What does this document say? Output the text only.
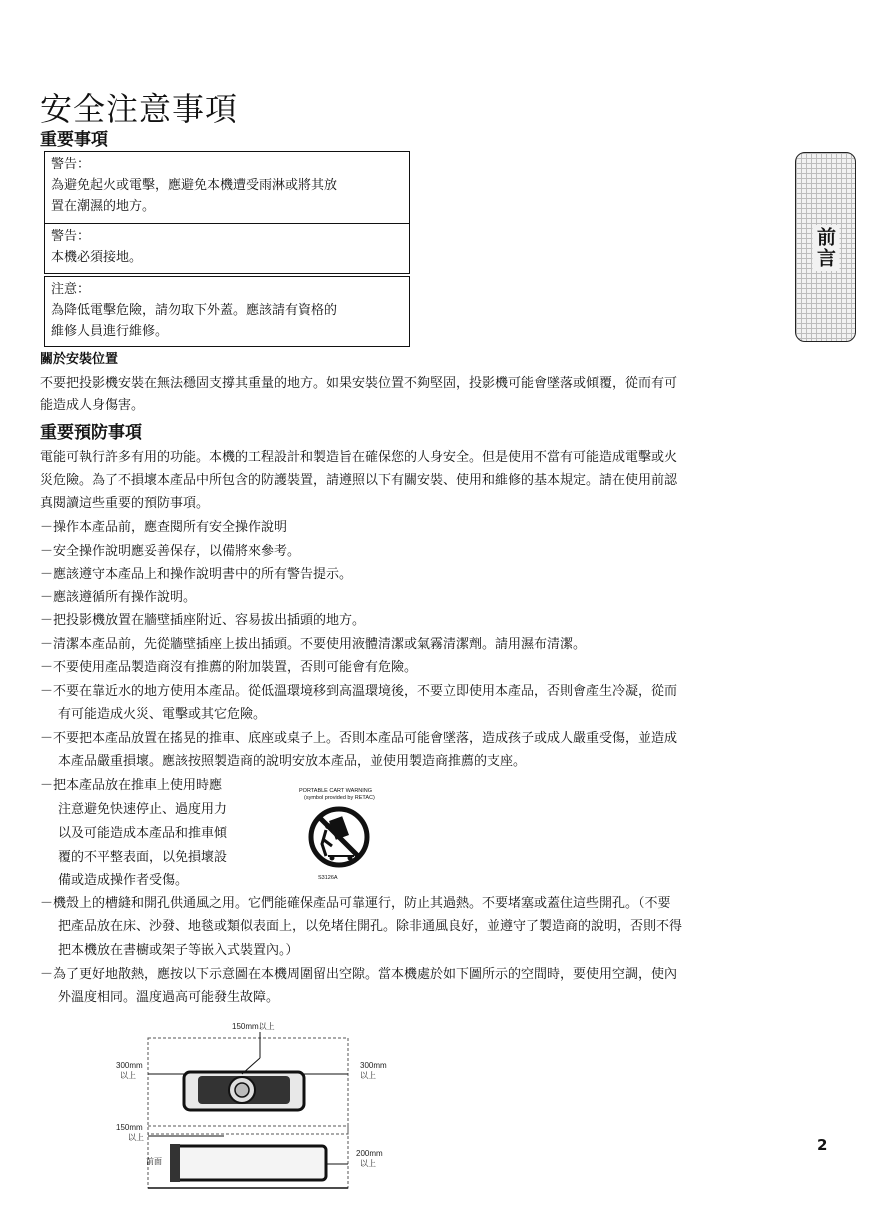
安全注意事項
重要事項
警告：
為避免起火或電擊，應避免本機遭受雨淋或將其放
置在潮濕的地方。
警告：
本機必須接地。
注意：
為降低電擊危險，請勿取下外蓋。應該請有資格的
維修人員進行維修。
前言
關於安裝位置
不要把投影機安裝在無法穩固支撐其重量的地方。如果安裝位置不夠堅固，投影機可能會墜落或傾覆，從而有可
能造成人身傷害。
重要預防事項
電能可執行許多有用的功能。本機的工程設計和製造旨在確保您的人身安全。但是使用不當有可能造成電擊或火
災危險。為了不損壞本產品中所包含的防護裝置，請遵照以下有關安裝、使用和維修的基本規定。請在使用前認
真閱讀這些重要的預防事項。
－操作本產品前，應查閱所有安全操作說明
－安全操作說明應妥善保存，以備將來參考。
－應該遵守本產品上和操作說明書中的所有警告提示。
－應該遵循所有操作說明。
－把投影機放置在牆壁插座附近、容易拔出插頭的地方。
－清潔本產品前，先從牆壁插座上拔出插頭。不要使用液體清潔或氣霧清潔劑。請用濕布清潔。
－不要使用產品製造商沒有推薦的附加裝置，否則可能會有危險。
－不要在靠近水的地方使用本產品。從低溫環境移到高溫環境後，不要立即使用本產品，否則會產生冷凝，從而
有可能造成火災、電擊或其它危險。
－不要把本產品放置在搖晃的推車、底座或桌子上。否則本產品可能會墜落，造成孩子或成人嚴重受傷，並造成
本產品嚴重損壞。應該按照製造商的說明安放本產品，並使用製造商推薦的支座。
－把本產品放在推車上使用時應
注意避免快速停止、過度用力
以及可能造成本產品和推車傾
覆的不平整表面，以免損壞設
備或造成操作者受傷。
PORTABLE CART WARNING
(symbol provided by RETAC)
S3126A
－機殼上的槽縫和開孔供通風之用。它們能確保產品可靠運行，防止其過熱。不要堵塞或蓋住這些開孔。（不要
把產品放在床、沙發、地毯或類似表面上，以免堵住開孔。除非通風良好，並遵守了製造商的說明，否則不得
把本機放在書櫥或架子等嵌入式裝置內。）
－為了更好地散熱，應按以下示意圖在本機周圍留出空隙。當本機處於如下圖所示的空間時，要使用空調，使內
外溫度相同。溫度過高可能發生故障。
150mm以上
300mm
以上
300mm
以上
150mm
以上
前面
200mm
以上
2
